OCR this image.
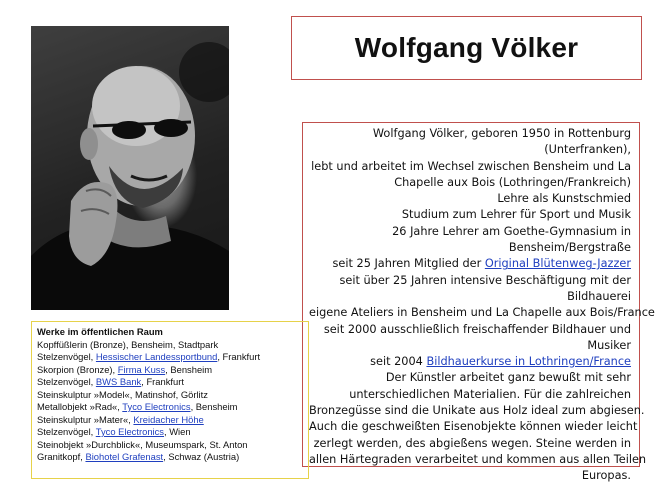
Wolfgang Völker
Wolfgang Völker, geboren 1950 in Rottenburg
(Unterfranken),
lebt und arbeitet im Wechsel zwischen Bensheim und La
Chapelle aux Bois (Lothringen/Frankreich)
Lehre als Kunstschmied
Studium zum Lehrer für Sport und Musik
26 Jahre Lehrer am Goethe-Gymnasium in
Bensheim/Bergstraße
seit 25 Jahren Mitglied der Original Blütenweg-Jazzer
seit über 25 Jahren intensive Beschäftigung mit der
Bildhauerei
eigene Ateliers in Bensheim und La Chapelle aux Bois/France
seit 2000 ausschließlich freischaffender Bildhauer und
Musiker
seit 2004 Bildhauerkurse in Lothringen/France
Der Künstler arbeitet ganz bewußt mit sehr
unterschiedlichen Materialien. Für die zahlreichen
Bronzegüsse sind die Unikate aus Holz ideal zum abgiesen.
Auch die geschweißten Eisenobjekte können wieder leicht
zerlegt werden, des abgießens wegen. Steine werden in
allen Härtegraden verarbeitet und kommen aus allen Teilen
Europas.
Werke im öffentlichen Raum
Kopffüßlerin (Bronze), Bensheim, Stadtpark
Stelzenvögel, Hessischer Landessportbund, Frankfurt
Skorpion (Bronze), Firma Kuss, Bensheim
Stelzenvögel, BWS Bank, Frankfurt
Steinskulptur »Model«, Matinshof, Görlitz
Metallobjekt »Rad«, Tyco Electronics, Bensheim
Steinskulptur »Mater«, Kreidacher Höhe
Stelzenvögel, Tyco Electronics, Wien
Steinobjekt »Durchblick«, Museumspark, St. Anton
Granitkopf, Biohotel Grafenast, Schwaz (Austria)
